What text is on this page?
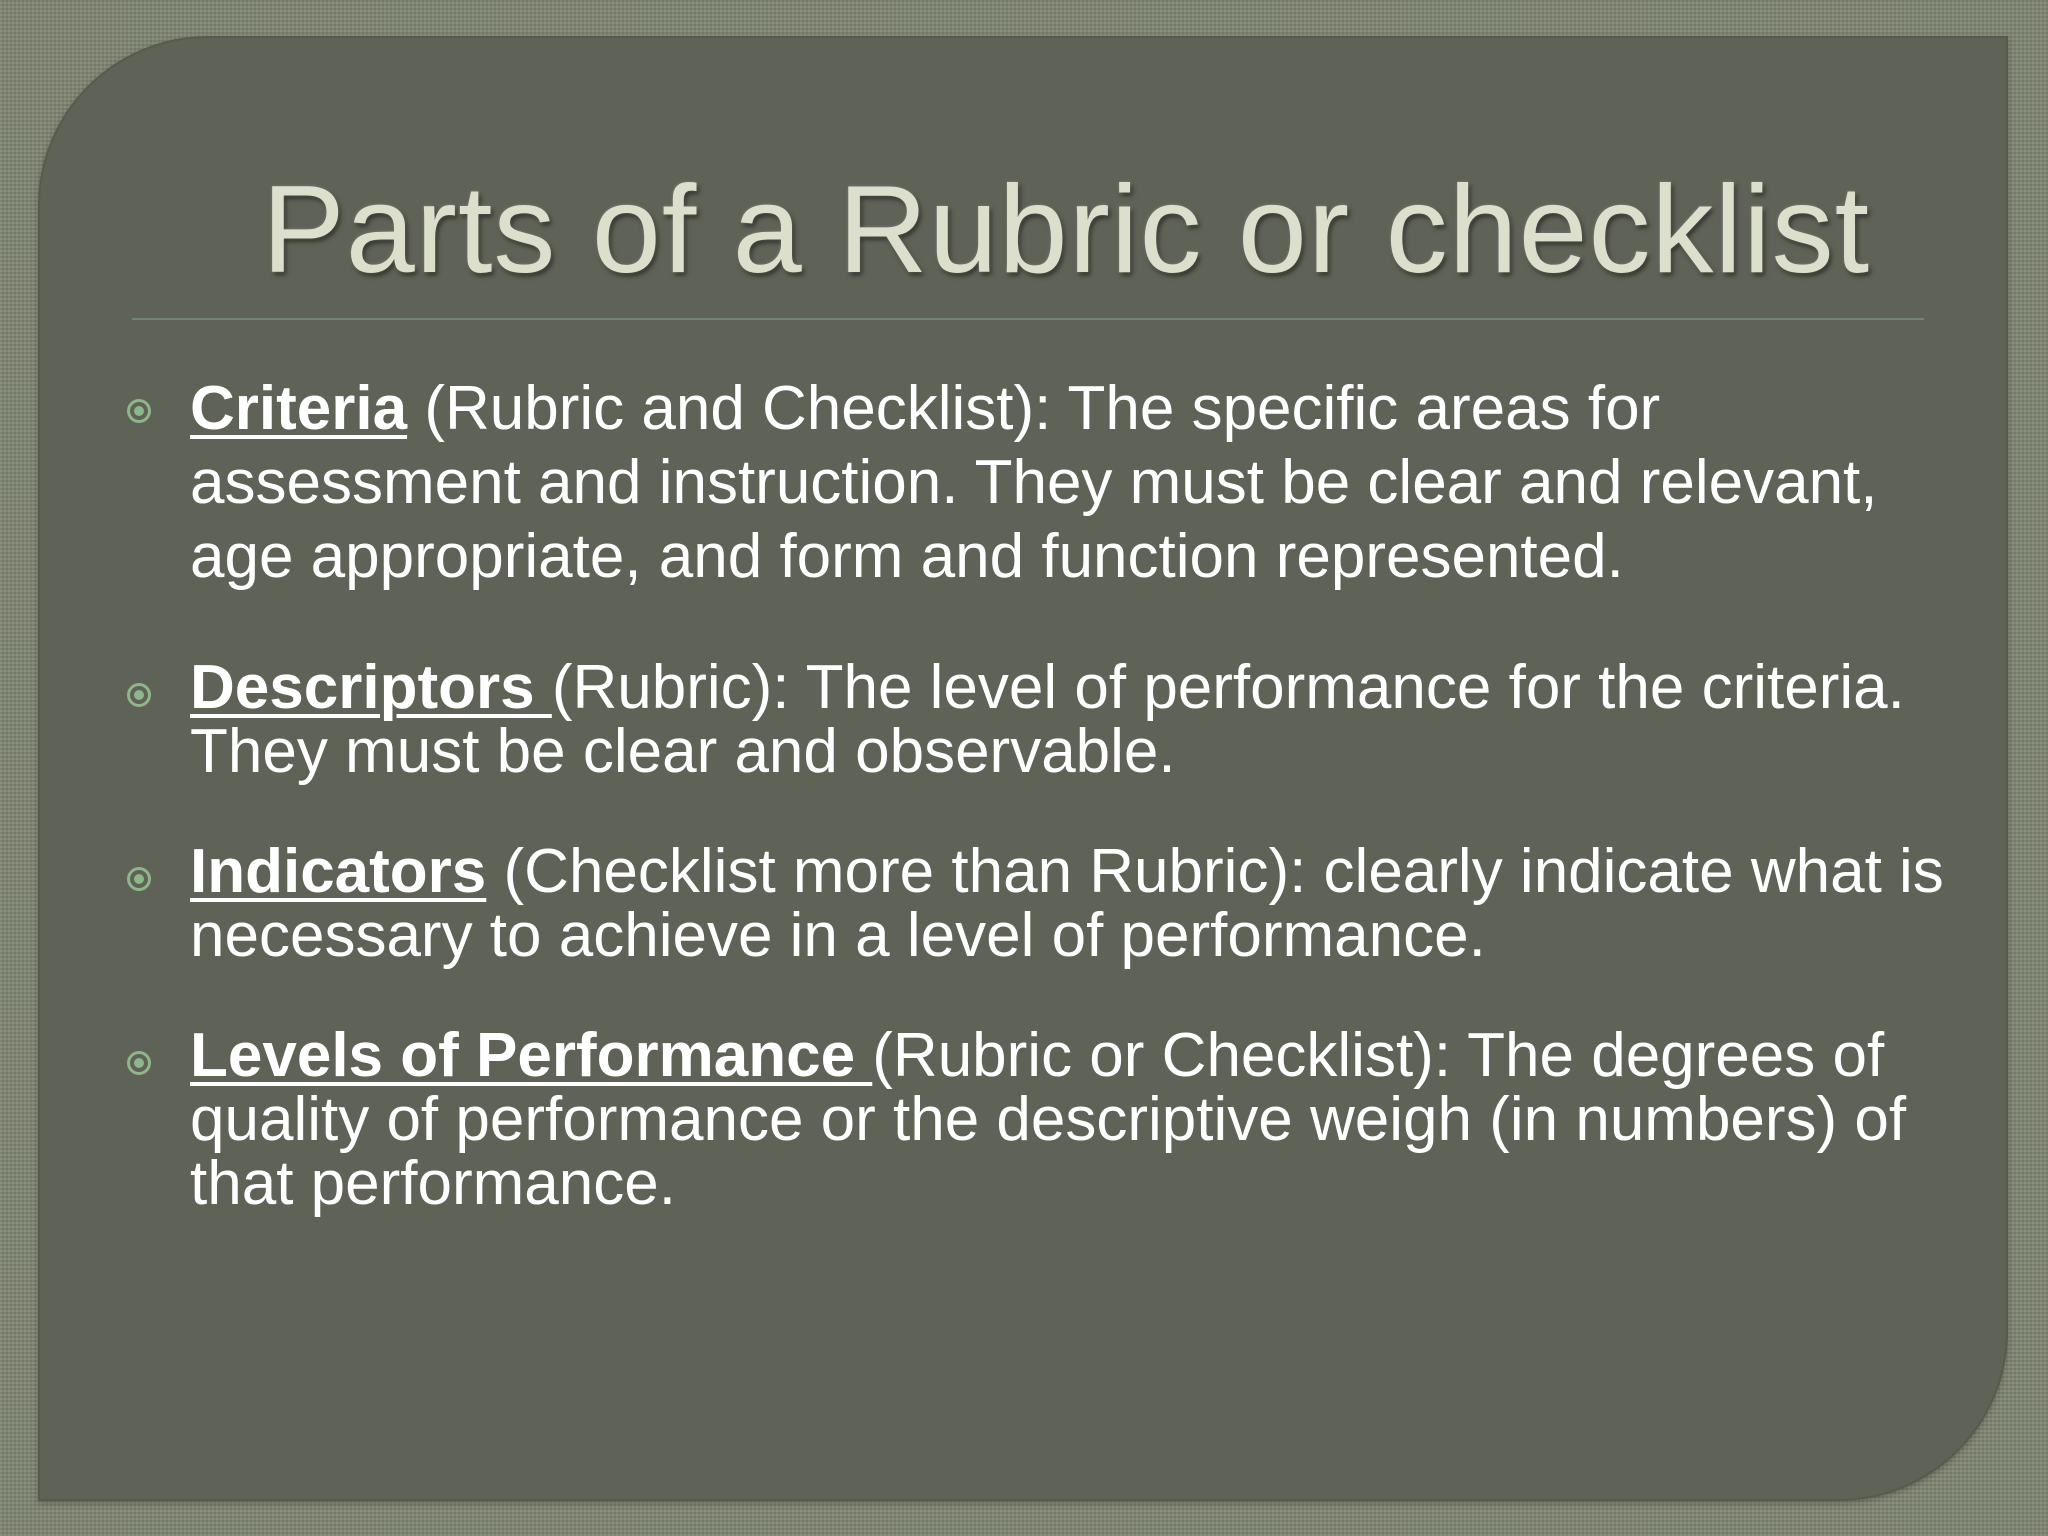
Parts of a Rubric or checklist
Criteria (Rubric and Checklist): The specific areas for assessment and instruction. They must be clear and relevant, age appropriate, and form and function represented.
Descriptors (Rubric): The level of performance for the criteria. They must be clear and observable.
Indicators (Checklist more than Rubric): clearly indicate what is necessary to achieve in a level of performance.
Levels of Performance (Rubric or Checklist): The degrees of quality of performance or the descriptive weigh (in numbers) of that performance.
